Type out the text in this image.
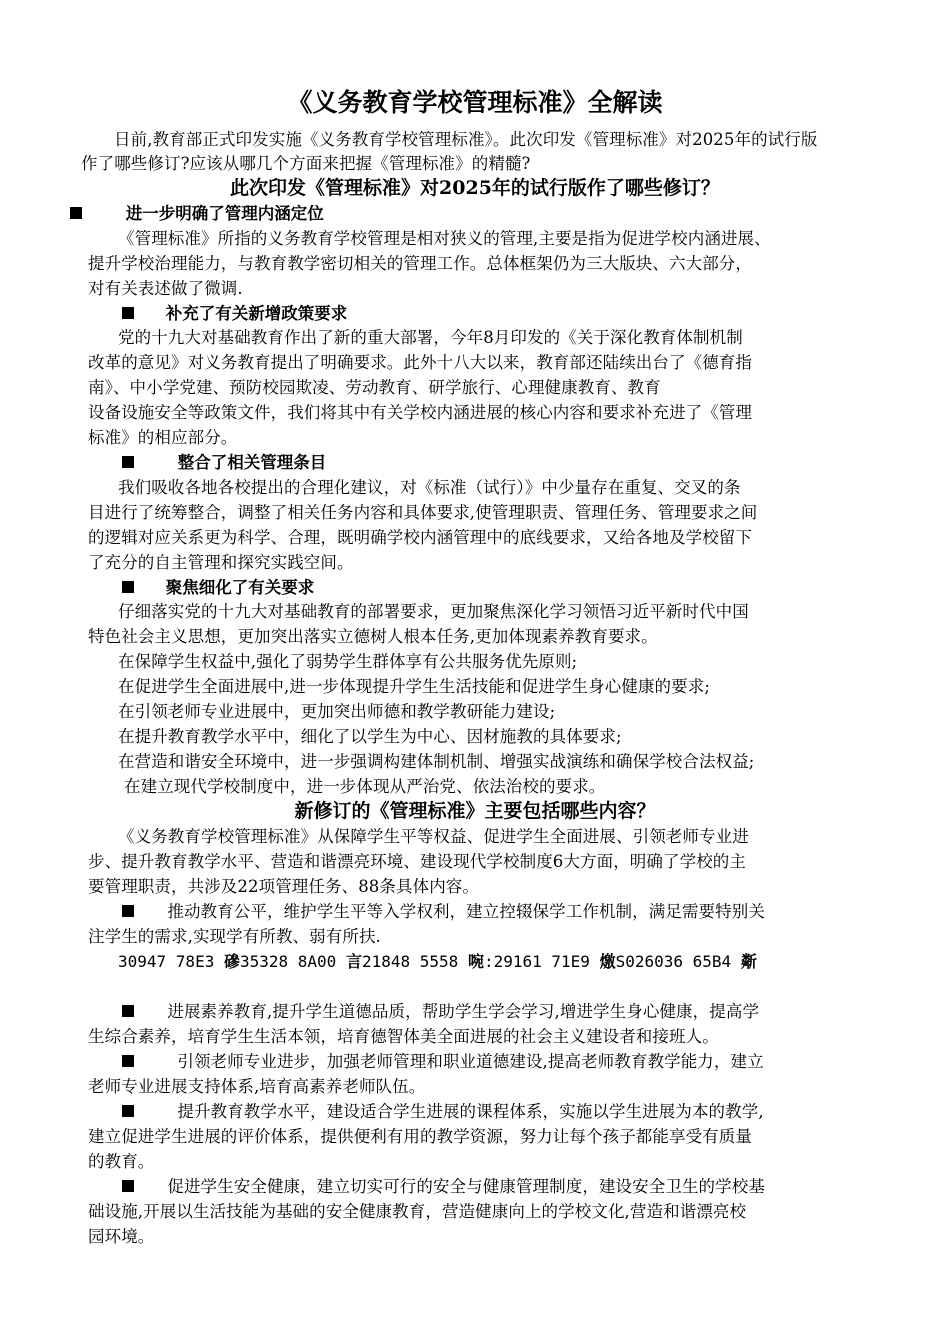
《义务教育学校管理标准》全解读
日前,教育部正式印发实施《义务教育学校管理标准》。此次印发《管理标准》对2025年的试行版
作了哪些修订?应该从哪几个方面来把握《管理标准》的精髓?
此次印发《管理标准》对2025年的试行版作了哪些修订？
进一步明确了管理内涵定位
《管理标准》所指的义务教育学校管理是相对狭义的管理,主要是指为促进学校内涵进展、
提升学校治理能力，与教育教学密切相关的管理工作。总体框架仍为三大版块、六大部分，
对有关表述做了微调.
补充了有关新增政策要求
党的十九大对基础教育作出了新的重大部署，今年8月印发的《关于深化教育体制机制
改革的意见》对义务教育提出了明确要求。此外十八大以来，教育部还陆续出台了《德育指
南》、中小学党建、预防校园欺凌、劳动教育、研学旅行、心理健康教育、教育
设备设施安全等政策文件，我们将其中有关学校内涵进展的核心内容和要求补充进了《管理
标准》的相应部分。
整合了相关管理条目
我们吸收各地各校提出的合理化建议，对《标准（试行）》中少量存在重复、交叉的条
目进行了统筹整合，调整了相关任务内容和具体要求,使管理职责、管理任务、管理要求之间
的逻辑对应关系更为科学、合理，既明确学校内涵管理中的底线要求，又给各地及学校留下
了充分的自主管理和探究实践空间。
聚焦细化了有关要求
仔细落实党的十九大对基础教育的部署要求，更加聚焦深化学习领悟习近平新时代中国
特色社会主义思想，更加突出落实立德树人根本任务,更加体现素养教育要求。
在保障学生权益中,强化了弱势学生群体享有公共服务优先原则;
在促进学生全面进展中,进一步体现提升学生生活技能和促进学生身心健康的要求;
在引领老师专业进展中，更加突出师德和教学教研能力建设;
在提升教育教学水平中，细化了以学生为中心、因材施教的具体要求;
在营造和谐安全环境中，进一步强调构建体制机制、增强实战演练和确保学校合法权益;
在建立现代学校制度中，进一步体现从严治党、依法治校的要求。
新修订的《管理标准》主要包括哪些内容？
《义务教育学校管理标准》从保障学生平等权益、促进学生全面进展、引领老师专业进
步、提升教育教学水平、营造和谐漂亮环境、建设现代学校制度6大方面，明确了学校的主
要管理职责，共涉及22项管理任务、88条具体内容。
推动教育公平，维护学生平等入学权利，建立控辍保学工作机制，满足需要特别关
注学生的需求,实现学有所教、弱有所扶.
30947 78E3 磣35328 8A00 言21848 5558 啘:29161 71E9 燩S026036 65B4 斴
进展素养教育,提升学生道德品质，帮助学生学会学习,增进学生身心健康，提高学
生综合素养，培育学生生活本领，培育德智体美全面进展的社会主义建设者和接班人。
引领老师专业进步，加强老师管理和职业道德建设,提高老师教育教学能力，建立
老师专业进展支持体系,培育高素养老师队伍。
提升教育教学水平，建设适合学生进展的课程体系，实施以学生进展为本的教学,
建立促进学生进展的评价体系，提供便利有用的教学资源，努力让每个孩子都能享受有质量
的教育。
促进学生安全健康，建立切实可行的安全与健康管理制度，建设安全卫生的学校基
础设施,开展以生活技能为基础的安全健康教育，营造健康向上的学校文化,营造和谐漂亮校
园环境。
